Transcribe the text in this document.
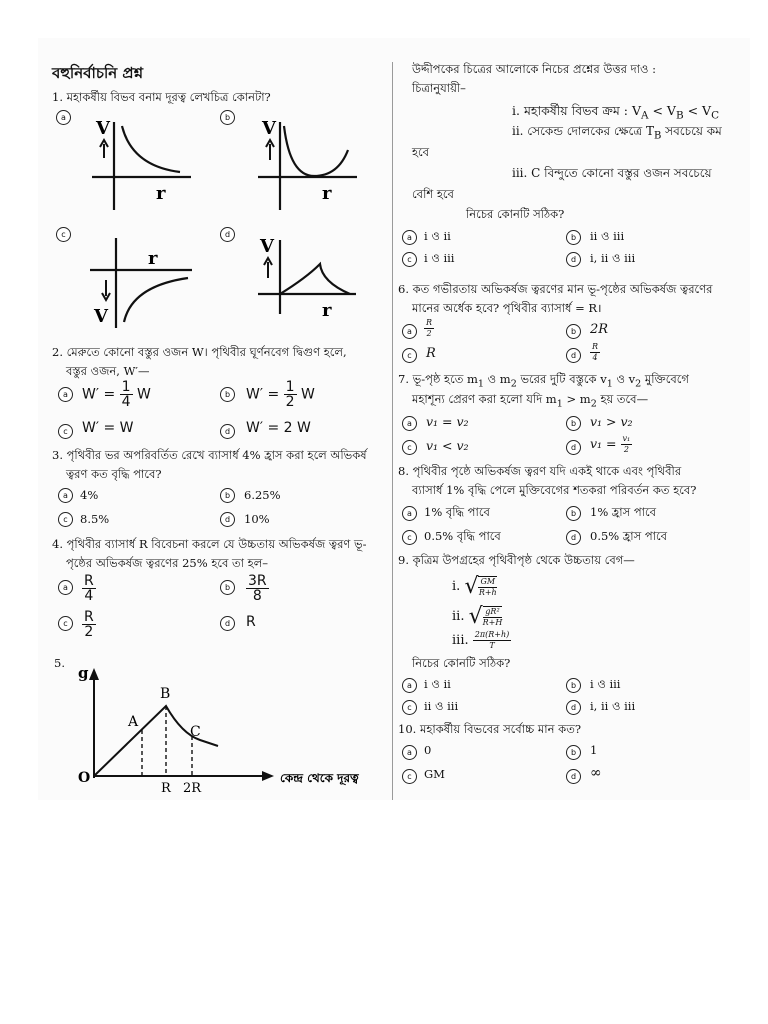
বহুনির্বাচনি প্রশ্ন
1. মহাকর্ষীয় বিভব বনাম দূরত্ব লেখচিত্র কোনটা?
a	b
c	d
V
r
V
r
r
V
V
r
2. মেরুতে কোনো বস্তুর ওজন W। পৃথিবীর ঘূর্ণনবেগ দ্বিগুণ হলে,
বস্তুর ওজন, W′—
a	$W' = \frac{1}{4}$ W	b	$W' = \frac{1}{2}$ W
c	W′ = W	d	W′ = 2 W
3. পৃথিবীর ভর অপরিবর্তিত রেখে ব্যাসার্ধ 4% হ্রাস করা হলে অভিকর্ষ
ত্বরণ কত বৃদ্ধি পাবে?
a	4%	b	6.25%
c	8.5%	d	10%
4. পৃথিবীর ব্যাসার্ধ R বিবেচনা করলে যে উচ্চতায় অভিকর্ষজ ত্বরণ ভূ-
পৃষ্ঠের অভিকর্ষজ ত্বরণের 25% হবে তা হল–
a	$\frac{R}{4}$	b	$\frac{3R}{8}$
c	$\frac{R}{2}$	d	R
5.
g
O
A
B
C
R 2R
কেন্দ্র থেকে দূরত্ব
উদ্দীপকের চিত্রের আলোকে নিচের প্রশ্নের উত্তর দাও :
চিত্রানুযায়ী–
i. মহাকর্ষীয় বিভব ক্রম : $V_A < V_B < V_C$
ii. সেকেন্ড দোলকের ক্ষেত্রে $T_B$ সবচেয়ে কম
হবে
iii. C বিন্দুতে কোনো বস্তুর ওজন সবচেয়ে
বেশি হবে
নিচের কোনটি সঠিক?
a	i ও ii	b	ii ও iii
c	i ও iii	d	i, ii ও iii
6. কত গভীরতায় অভিকর্ষজ ত্বরণের মান ভূ-পৃষ্ঠের অভিকর্ষজ ত্বরণের
মানের অর্ধেক হবে? পৃথিবীর ব্যাসার্ধ = R।
a	$\frac{R}{2}$	b	2R
c	R	d	$\frac{R}{4}$
7. ভূ-পৃষ্ঠ হতে $m_1$ ও $m_2$ ভরের দুটি বস্তুকে $v_1$ ও $v_2$ মুক্তিবেগে
মহাশূন্য প্রেরণ করা হলো যদি $m_1 > m_2$ হয় তবে—
a	v₁ = v₂	b	v₁ > v₂
c	v₁ < v₂	d	$v_1 = \frac{\text{v₁}}{2}$
8. পৃথিবীর পৃষ্ঠে অভিকর্ষজ ত্বরণ যদি একই থাকে এবং পৃথিবীর
ব্যাসার্ধ 1% বৃদ্ধি পেলে মুক্তিবেগের শতকরা পরিবর্তন কত হবে?
a	1% বৃদ্ধি পাবে	b	1% হ্রাস পাবে
c	0.5% বৃদ্ধি পাবে	d	0.5% হ্রাস পাবে
9. কৃত্রিম উপগ্রহের পৃথিবীপৃষ্ঠ থেকে উচ্চতায় বেগ—
i. √ $\frac{GM}{R+h}$
ii. √ $\frac{\text{gR²}}{R+H}$
iii. $\frac{2\pi(R+h)}{T}$
নিচের কোনটি সঠিক?
a	i ও ii	b	i ও iii
c	ii ও iii	d	i, ii ও iii
10. মহাকর্ষীয় বিভবের সর্বোচ্চ মান কত?
a	0	b	1
c	GM	d ∞
